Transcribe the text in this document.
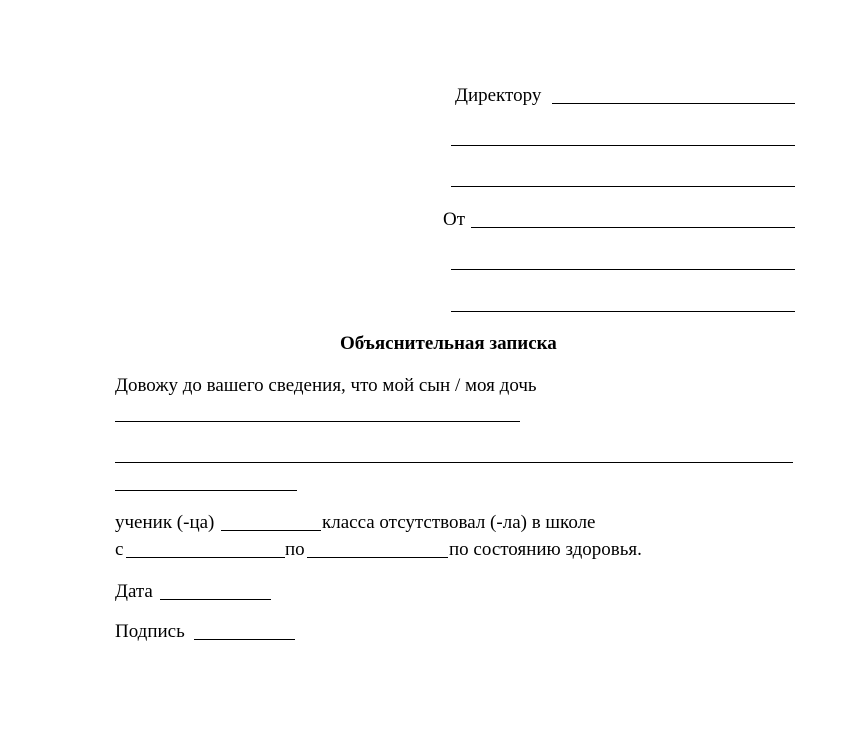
Директору
От
Объяснительная записка
Довожу до вашего сведения, что мой сын / моя дочь
ученик (-ца)	класса отсутствовал (-ла) в школе
с	по	по состоянию здоровья.
Дата
Подпись
